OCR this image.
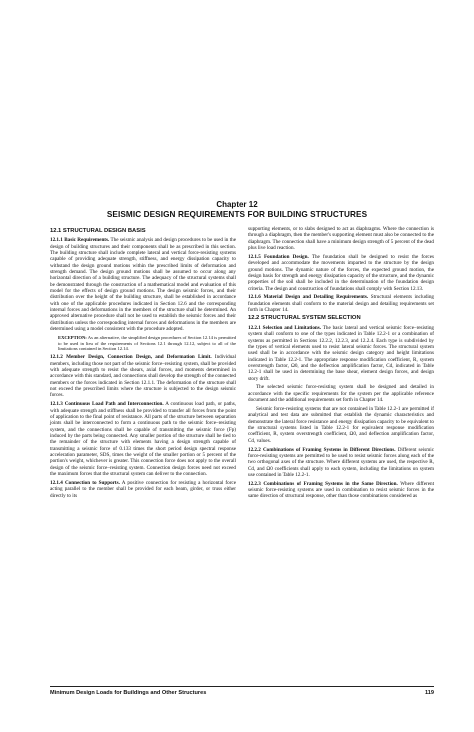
Chapter 12
SEISMIC DESIGN REQUIREMENTS FOR BUILDING STRUCTURES

12.1 STRUCTURAL DESIGN BASIS

12.1.1 Basic Requirements. The seismic analysis and design procedures to be used in the design of building structures and their components shall be as prescribed in this section. The building structure shall include complete lateral and vertical force-resisting systems capable of providing adequate strength, stiffness, and energy dissipation capacity to withstand the design ground motions within the prescribed limits of deformation and strength demand. The design ground motions shall be assumed to occur along any horizontal direction of a building structure. The adequacy of the structural systems shall be demonstrated through the construction of a mathematical model and evaluation of this model for the effects of design ground motions. The design seismic forces, and their distribution over the height of the building structure, shall be established in accordance with one of the applicable procedures indicated in Section 12.6 and the corresponding internal forces and deformations in the members of the structure shall be determined. An approved alternative procedure shall not be used to establish the seismic forces and their distribution unless the corresponding internal forces and deformations in the members are determined using a model consistent with the procedure adopted.

EXCEPTION: As an alternative, the simplified design procedures of Section 12.14 is permitted to be used in lieu of the requirements of Sections 12.1 through 12.12, subject to all of the limitations contained in Section 12.14.

12.1.2 Member Design, Connection Design, and Deformation Limit. Individual members, including those not part of the seismic force–resisting system, shall be provided with adequate strength to resist the shears, axial forces, and moments determined in accordance with this standard, and connections shall develop the strength of the connected members or the forces indicated in Section 12.1.1. The deformation of the structure shall not exceed the prescribed limits where the structure is subjected to the design seismic forces.

12.1.3 Continuous Load Path and Interconnection. A continuous load path, or paths, with adequate strength and stiffness shall be provided to transfer all forces from the point of application to the final point of resistance. All parts of the structure between separation joints shall be interconnected to form a continuous path to the seismic force–resisting system, and the connections shall be capable of transmitting the seismic force (Fp) induced by the parts being connected. Any smaller portion of the structure shall be tied to the remainder of the structure with elements having a design strength capable of transmitting a seismic force of 0.133 times the short period design spectral response acceleration parameter, SDS, times the weight of the smaller portion or 5 percent of the portion's weight, whichever is greater. This connection force does not apply to the overall design of the seismic force–resisting system. Connection design forces need not exceed the maximum forces that the structural system can deliver to the connection.

12.1.4 Connection to Supports. A positive connection for resisting a horizontal force acting parallel to the member shall be provided for each beam, girder, or truss either directly to its

supporting elements, or to slabs designed to act as diaphragms. Where the connection is through a diaphragm, then the member's supporting element must also be connected to the diaphragm. The connection shall have a minimum design strength of 5 percent of the dead plus live load reaction.

12.1.5 Foundation Design. The foundation shall be designed to resist the forces developed and accommodate the movements imparted to the structure by the design ground motions. The dynamic nature of the forces, the expected ground motion, the design basis for strength and energy dissipation capacity of the structure, and the dynamic properties of the soil shall be included in the determination of the foundation design criteria. The design and construction of foundations shall comply with Section 12.13.

12.1.6 Material Design and Detailing Requirements. Structural elements including foundation elements shall conform to the material design and detailing requirements set forth in Chapter 14.

12.2 STRUCTURAL SYSTEM SELECTION

12.2.1 Selection and Limitations. The basic lateral and vertical seismic force–resisting system shall conform to one of the types indicated in Table 12.2-1 or a combination of systems as permitted in Sections 12.2.2, 12.2.3, and 12.2.4. Each type is subdivided by the types of vertical elements used to resist lateral seismic forces. The structural system used shall be in accordance with the seismic design category and height limitations indicated in Table 12.2-1. The appropriate response modification coefficient, R, system overstrength factor, Ω0, and the deflection amplification factor, Cd, indicated in Table 12.2-1 shall be used in determining the base shear, element design forces, and design story drift.

The selected seismic force-resisting system shall be designed and detailed in accordance with the specific requirements for the system per the applicable reference document and the additional requirements set forth in Chapter 14.

Seismic force-resisting systems that are not contained in Table 12.2-1 are permitted if analytical and test data are submitted that establish the dynamic characteristics and demonstrate the lateral force resistance and energy dissipation capacity to be equivalent to the structural systems listed in Table 12.2-1 for equivalent response modification coefficient, R, system overstrength coefficient, Ω0, and deflection amplification factor, Cd, values.

12.2.2 Combinations of Framing Systems in Different Directions. Different seismic force-resisting systems are permitted to be used to resist seismic forces along each of the two orthogonal axes of the structure. Where different systems are used, the respective R, Cd, and Ω0 coefficients shall apply to each system, including the limitations on system use contained in Table 12.2-1.

12.2.3 Combinations of Framing Systems in the Same Direction. Where different seismic force-resisting systems are used in combination to resist seismic forces in the same direction of structural response, other than those combinations considered as

Minimum Design Loads for Buildings and Other Structures	119
